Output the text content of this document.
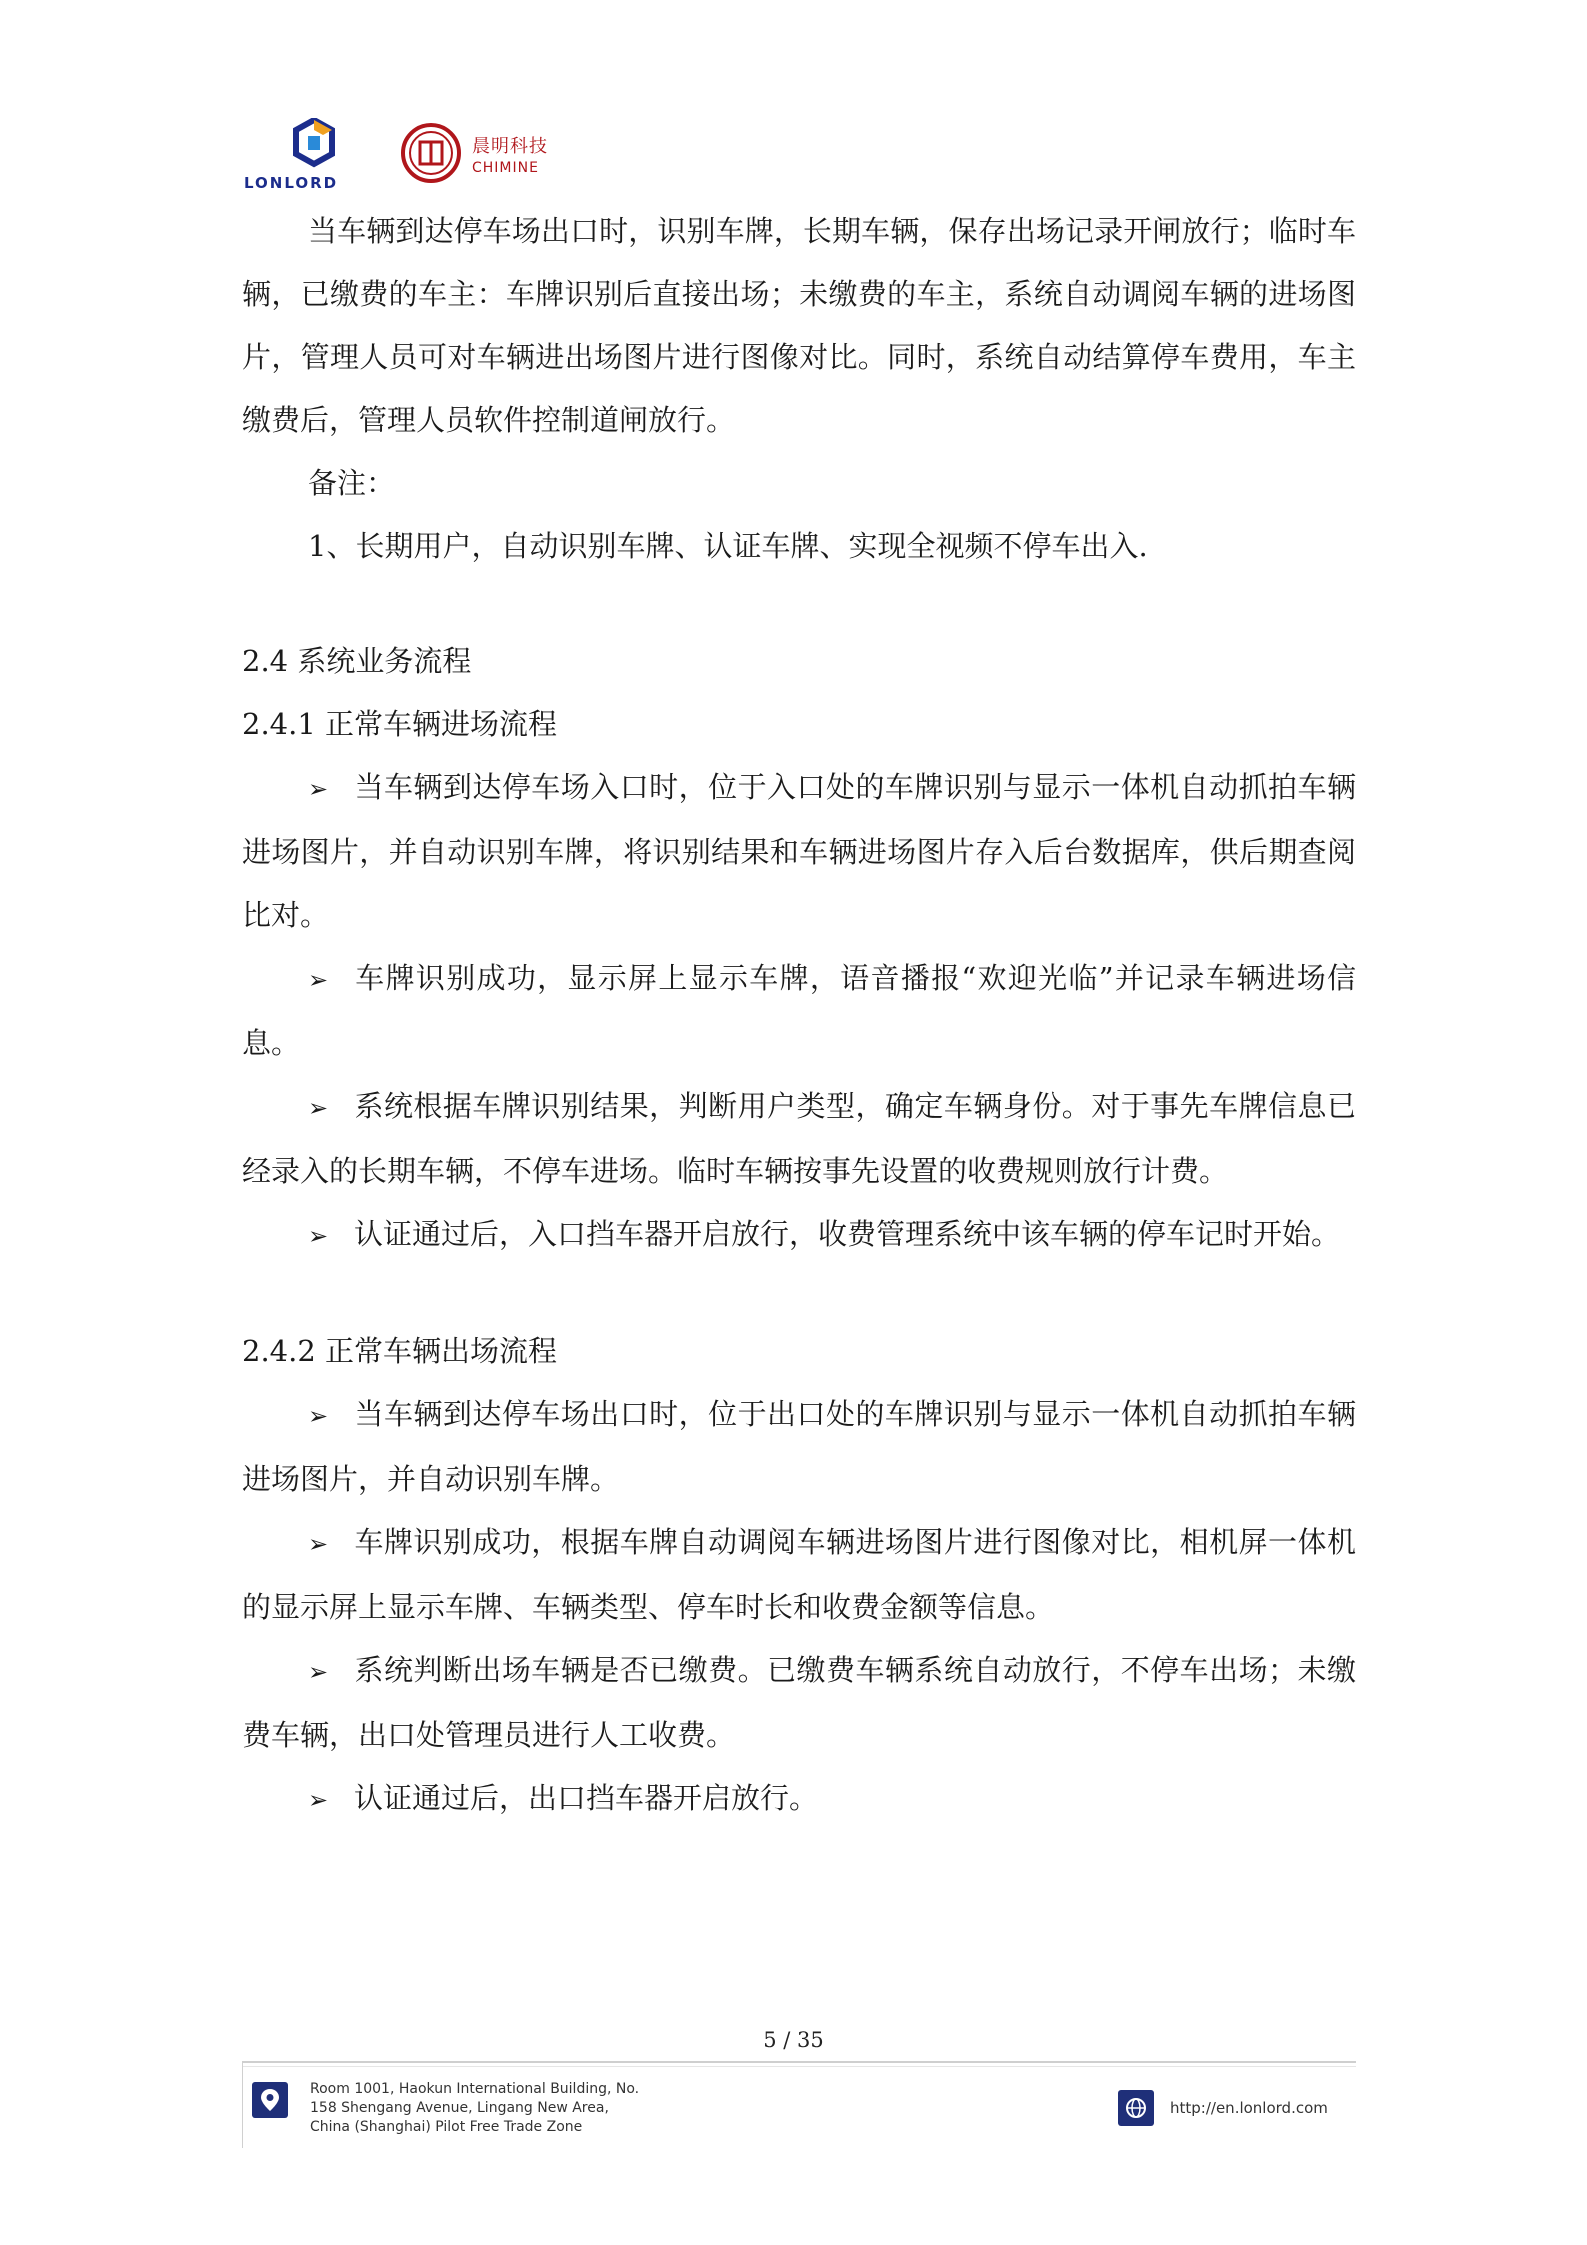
LONLORD
晨明科技
CHIMINE

当车辆到达停车场出口时，识别车牌，长期车辆，保存出场记录开闸放行；临时车辆，已缴费的车主：车牌识别后直接出场；未缴费的车主，系统自动调阅车辆的进场图片，管理人员可对车辆进出场图片进行图像对比。同时，系统自动结算停车费用，车主缴费后，管理人员软件控制道闸放行。

备注：

1、长期用户，自动识别车牌、认证车牌、实现全视频不停车出入.

2.4 系统业务流程

2.4.1 正常车辆进场流程

➢ 当车辆到达停车场入口时，位于入口处的车牌识别与显示一体机自动抓拍车辆进场图片，并自动识别车牌，将识别结果和车辆进场图片存入后台数据库，供后期查阅比对。

➢ 车牌识别成功，显示屏上显示车牌，语音播报“欢迎光临”并记录车辆进场信息。

➢ 系统根据车牌识别结果，判断用户类型，确定车辆身份。对于事先车牌信息已经录入的长期车辆，不停车进场。临时车辆按事先设置的收费规则放行计费。

➢ 认证通过后，入口挡车器开启放行，收费管理系统中该车辆的停车记时开始。

2.4.2 正常车辆出场流程

➢ 当车辆到达停车场出口时，位于出口处的车牌识别与显示一体机自动抓拍车辆进场图片，并自动识别车牌。

➢ 车牌识别成功，根据车牌自动调阅车辆进场图片进行图像对比，相机屏一体机的显示屏上显示车牌、车辆类型、停车时长和收费金额等信息。

➢ 系统判断出场车辆是否已缴费。已缴费车辆系统自动放行，不停车出场；未缴费车辆，出口处管理员进行人工收费。

➢ 认证通过后，出口挡车器开启放行。

5 / 35
Room 1001, Haokun International Building, No.
158 Shengang Avenue, Lingang New Area,
China (Shanghai) Pilot Free Trade Zone
http://en.lonlord.com
